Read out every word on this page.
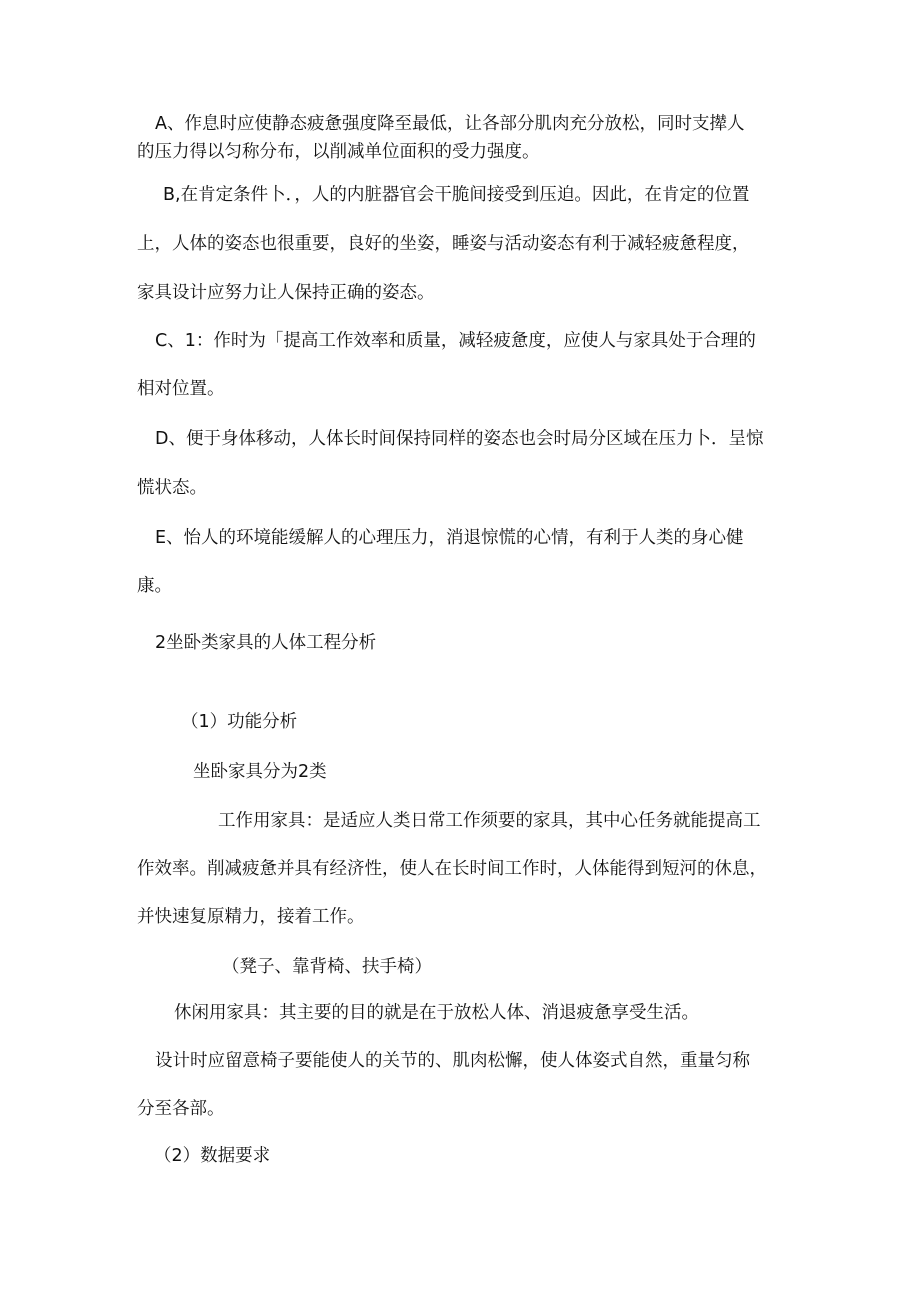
A、作息时应使静态疲惫强度降至最低，让各部分肌肉充分放松，同时支撵人
的压力得以匀称分布，以削减单位面积的受力强度。
B,在肯定条件卜．，人的内脏器官会干脆间接受到压迫。因此，在肯定的位置
上，人体的姿态也很重要，良好的坐姿，睡姿与活动姿态有利于减轻疲惫程度，
家具设计应努力让人保持正确的姿态。
C、1：作时为「提高工作效率和质量，减轻疲惫度，应使人与家具处于合理的
相对位置。
D、便于身体移动，人体长时间保持同样的姿态也会时局分区域在压力卜．呈惊
慌状态。
E、怡人的环境能缓解人的心理压力，消退惊慌的心情，有利于人类的身心健
康。
2坐卧类家具的人体工程分析
（1）功能分析
坐卧家具分为2类
工作用家具：是适应人类日常工作须要的家具，其中心任务就能提高工
作效率。削减疲惫并具有经济性，使人在长时间工作时，人体能得到短河的休息，
并快速复原精力，接着工作。
（凳子、靠背椅、扶手椅）
休闲用家具：其主要的目的就是在于放松人体、消退疲惫享受生活。
设计时应留意椅子要能使人的关节的、肌肉松懈，使人体姿式自然，重量匀称
分至各部。
（2）数据要求
